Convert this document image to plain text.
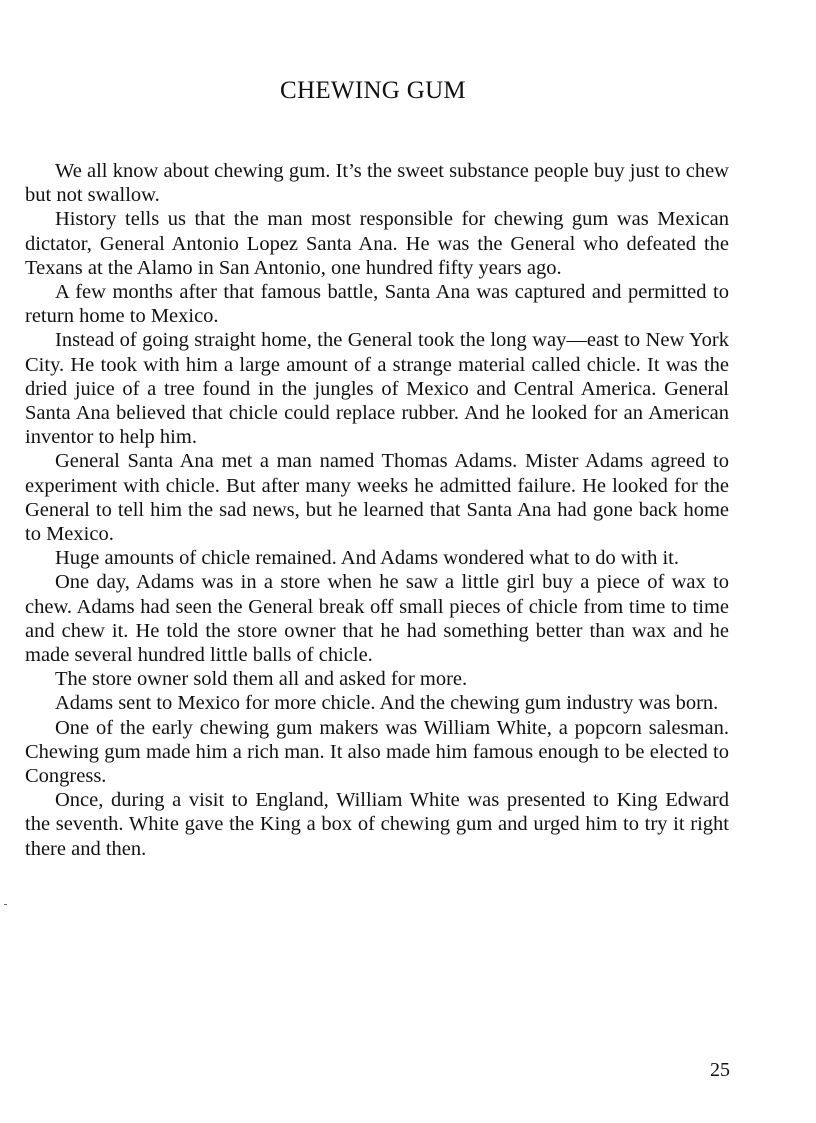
CHEWING GUM

We all know about chewing gum. It’s the sweet substance people buy just to chew but not swallow.

History tells us that the man most responsible for chewing gum was Mexican dictator, General Antonio Lopez Santa Ana. He was the General who defeated the Texans at the Alamo in San Antonio, one hundred fifty years ago.

A few months after that famous battle, Santa Ana was captured and permitted to return home to Mexico.

Instead of going straight home, the General took the long way—east to New York City. He took with him a large amount of a strange material called chicle. It was the dried juice of a tree found in the jungles of Mexico and Central America. General Santa Ana believed that chicle could replace rubber. And he looked for an American inventor to help him.

General Santa Ana met a man named Thomas Adams. Mister Adams agreed to experiment with chicle. But after many weeks he admitted failure. He looked for the General to tell him the sad news, but he learned that Santa Ana had gone back home to Mexico.

Huge amounts of chicle remained. And Adams wondered what to do with it.

One day, Adams was in a store when he saw a little girl buy a piece of wax to chew. Adams had seen the General break off small pieces of chicle from time to time and chew it. He told the store owner that he had something better than wax and he made several hundred little balls of chicle.

The store owner sold them all and asked for more.

Adams sent to Mexico for more chicle. And the chewing gum industry was born.

One of the early chewing gum makers was William White, a popcorn salesman. Chewing gum made him a rich man. It also made him famous enough to be elected to Congress.

Once, during a visit to England, William White was presented to King Edward the seventh. White gave the King a box of chewing gum and urged him to try it right there and then.

25
